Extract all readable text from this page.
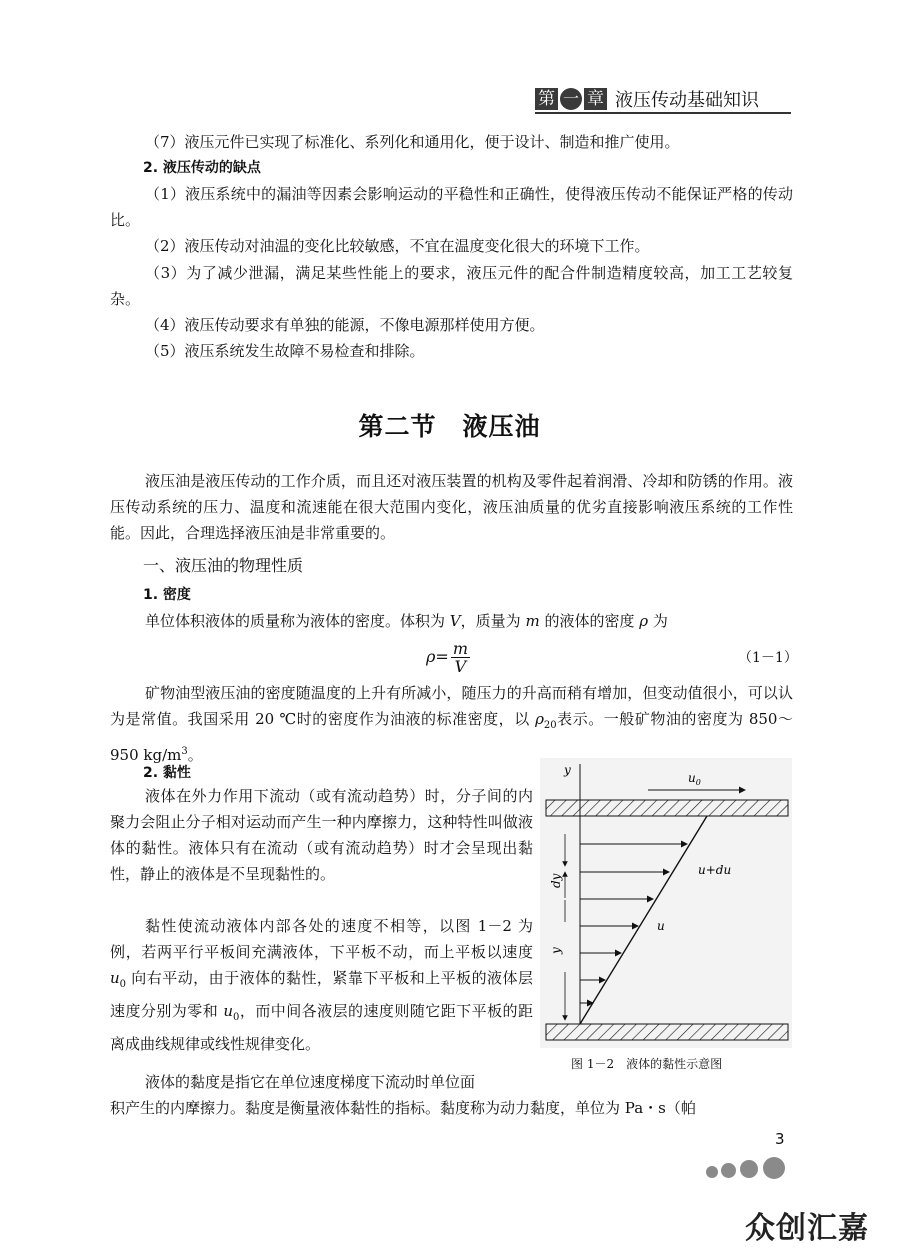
第 一 章 液压传动基础知识
（7）液压元件已实现了标准化、系列化和通用化，便于设计、制造和推广使用。
2. 液压传动的缺点
（1）液压系统中的漏油等因素会影响运动的平稳性和正确性，使得液压传动不能保证严格的传动比。
（2）液压传动对油温的变化比较敏感，不宜在温度变化很大的环境下工作。
（3）为了减少泄漏，满足某些性能上的要求，液压元件的配合件制造精度较高，加工工艺较复杂。
（4）液压传动要求有单独的能源，不像电源那样使用方便。
（5）液压系统发生故障不易检查和排除。
第二节　液压油
液压油是液压传动的工作介质，而且还对液压装置的机构及零件起着润滑、冷却和防锈的作用。液压传动系统的压力、温度和流速能在很大范围内变化，液压油质量的优劣直接影响液压系统的工作性能。因此，合理选择液压油是非常重要的。
一、液压油的物理性质
1. 密度
单位体积液体的质量称为液体的密度。体积为 V，质量为 m 的液体的密度 ρ 为
$\rho= \frac{m}{V}$	（1－1）
矿物油型液压油的密度随温度的上升有所减小，随压力的升高而稍有增加，但变动值很小，可以认为是常值。我国采用 20 ℃时的密度作为油液的标准密度，以 $\rho_{20}$表示。一般矿物油的密度为 850～950 $kg/m^3$。
2. 黏性
液体在外力作用下流动（或有流动趋势）时，分子间的内聚力会阻止分子相对运动而产生一种内摩擦力，这种特性叫做液体的黏性。液体只有在流动（或有流动趋势）时才会呈现出黏性，静止的液体是不呈现黏性的。
黏性使流动液体内部各处的速度不相等，以图 1－2 为例，若两平行平板间充满液体，下平板不动，而上平板以速度 $u_0$ 向右平动，由于液体的黏性，紧靠下平板和上平板的液体层速度分别为零和 $u_0$，而中间各液层的速度则随它距下平板的距离成曲线规律或线性规律变化。
液体的黏度是指它在单位速度梯度下流动时单位面
积产生的内摩擦力。黏度是衡量液体黏性的指标。黏度称为动力黏度，单位为 Pa・s（帕
y
$u_0$
u+du
u
dy
y
图 1－2　液体的黏性示意图
3
众创汇嘉
